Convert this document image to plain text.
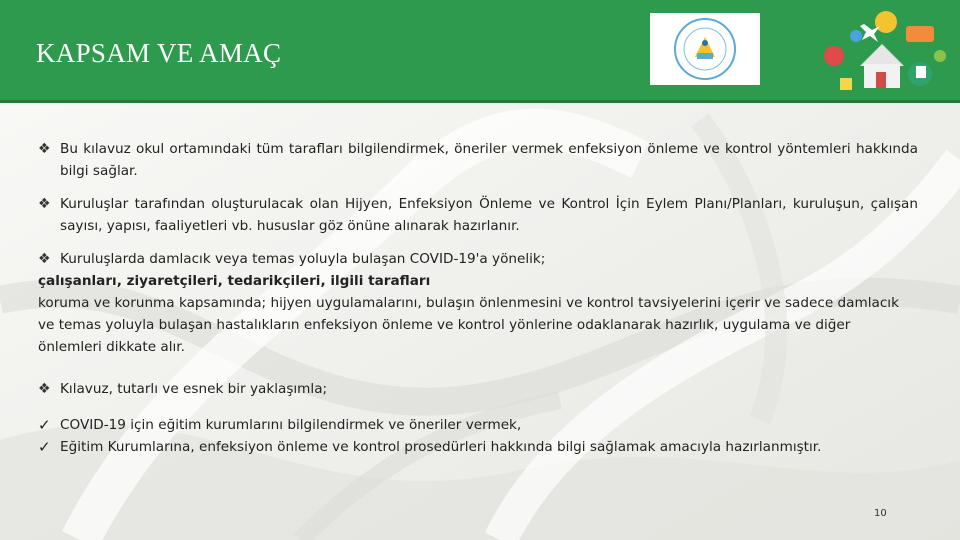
KAPSAM VE AMAÇ
❖ Bu kılavuz okul ortamındaki tüm tarafları bilgilendirmek, öneriler vermek enfeksiyon önleme ve kontrol yöntemleri hakkında bilgi sağlar.

❖ Kuruluşlar tarafından oluşturulacak olan Hijyen, Enfeksiyon Önleme ve Kontrol İçin Eylem Planı/Planları, kuruluşun, çalışan sayısı, yapısı, faaliyetleri vb. hususlar göz önüne alınarak hazırlanır.

❖ Kuruluşlarda damlacık veya temas yoluyla bulaşan COVID-19'a yönelik;
çalışanları, ziyaretçileri, tedarikçileri, ilgili tarafları
koruma ve korunma kapsamında; hijyen uygulamalarını, bulaşın önlenmesini ve kontrol tavsiyelerini içerir ve sadece damlacık ve temas yoluyla bulaşan hastalıkların enfeksiyon önleme ve kontrol yönlerine odaklanarak hazırlık, uygulama ve diğer önlemleri dikkate alır.
❖ Kılavuz, tutarlı ve esnek bir yaklaşımla;
✓ COVID-19 için eğitim kurumlarını bilgilendirmek ve öneriler vermek,
✓ Eğitim Kurumlarına, enfeksiyon önleme ve kontrol prosedürleri hakkında bilgi sağlamak amacıyla hazırlanmıştır.
10
